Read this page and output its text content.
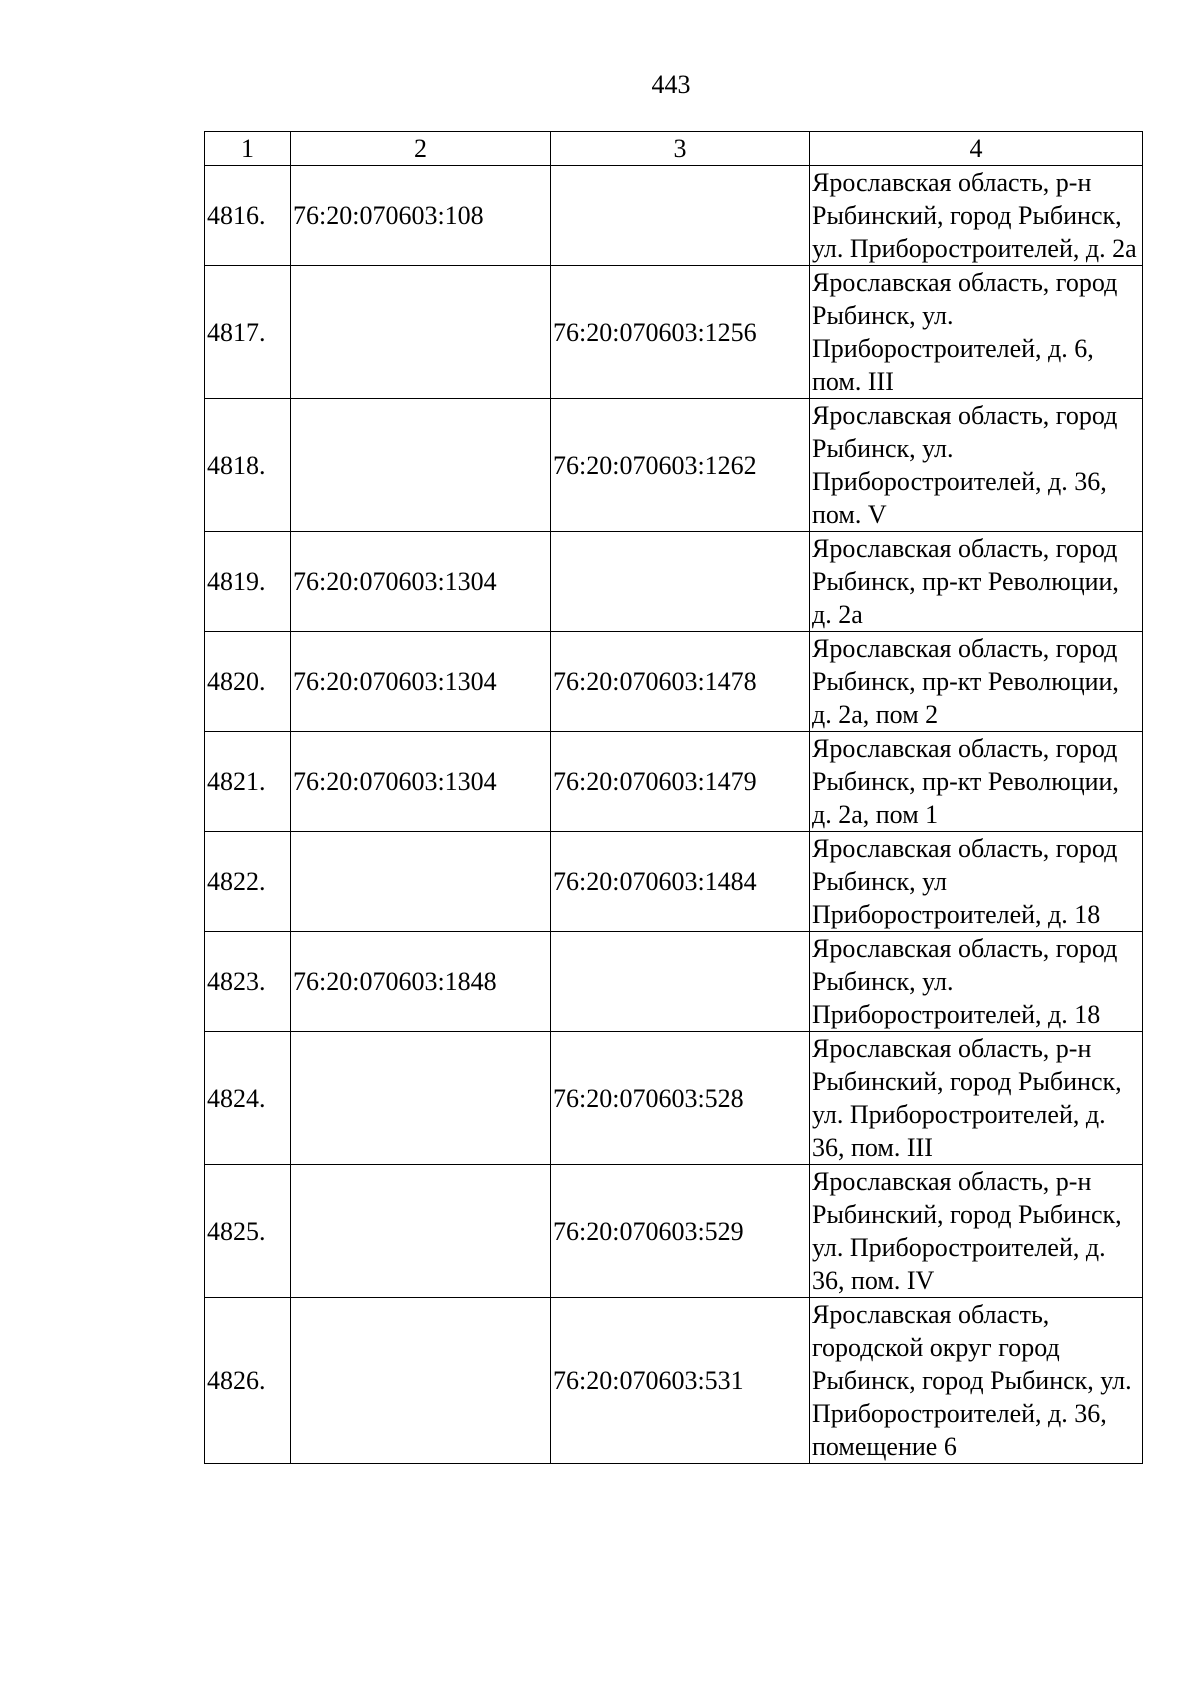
443
1	2	3	4
4816.	76:20:070603:108		Ярославская область, р-н Рыбинский, город Рыбинск, ул. Приборостроителей, д. 2а
4817.		76:20:070603:1256	Ярославская область, город Рыбинск, ул. Приборостроителей, д. 6, пом. III
4818.		76:20:070603:1262	Ярославская область, город Рыбинск, ул. Приборостроителей, д. 36, пом. V
4819.	76:20:070603:1304		Ярославская область, город Рыбинск, пр-кт Революции, д. 2а
4820.	76:20:070603:1304	76:20:070603:1478	Ярославская область, город Рыбинск, пр-кт Революции, д. 2а, пом 2
4821.	76:20:070603:1304	76:20:070603:1479	Ярославская область, город Рыбинск, пр-кт Революции, д. 2а, пом 1
4822.		76:20:070603:1484	Ярославская область, город Рыбинск, ул Приборостроителей, д. 18
4823.	76:20:070603:1848		Ярославская область, город Рыбинск, ул. Приборостроителей, д. 18
4824.		76:20:070603:528	Ярославская область, р-н Рыбинский, город Рыбинск, ул. Приборостроителей, д. 36, пом. III
4825.		76:20:070603:529	Ярославская область, р-н Рыбинский, город Рыбинск, ул. Приборостроителей, д. 36, пом. IV
4826.		76:20:070603:531	Ярославская область, городской округ город Рыбинск, город Рыбинск, ул. Приборостроителей, д. 36, помещение 6
